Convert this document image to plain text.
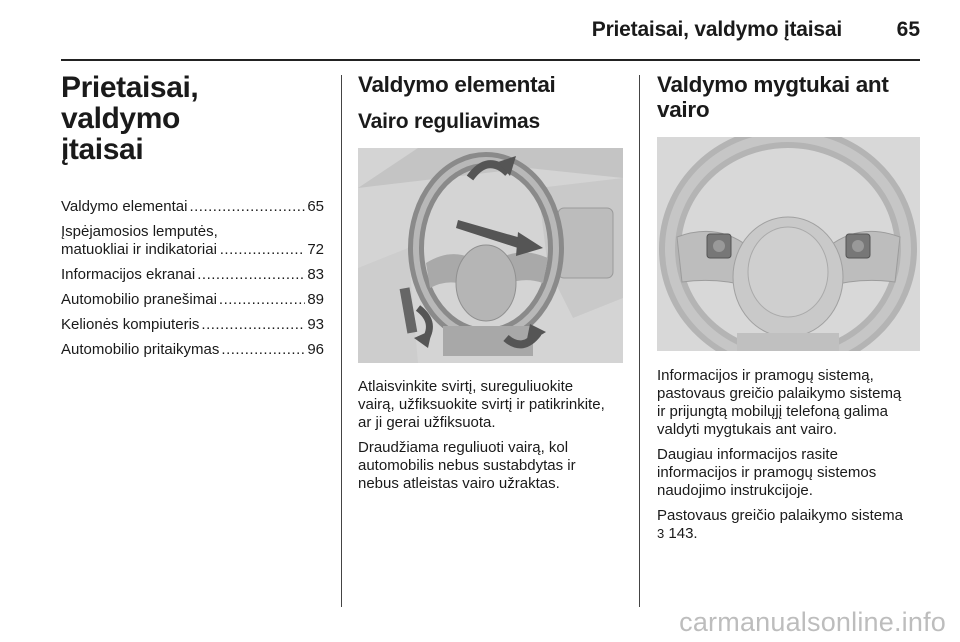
Prietaisai, valdymo įtaisai	65
Prietaisai, valdymo
įtaisai
Valdymo elementai .....	65
Įspėjamosios lemputės,
matuokliai ir indikatoriai .....	72
Informacijos ekranai .....	83
Automobilio pranešimai .....	89
Kelionės kompiuteris .....	93
Automobilio pritaikymas .....	96
Valdymo elementai
Vairo reguliavimas

Atlaisvinkite svirtį, sureguliuokite
vairą, užfiksuokite svirtį ir patikrinkite,
ar ji gerai užfiksuota.

Draudžiama reguliuoti vairą, kol
automobilis nebus sustabdytas ir
nebus atleistas vairo užraktas.

Valdymo mygtukai ant
vairo

Informacijos ir pramogų sistemą,
pastovaus greičio palaikymo sistemą
ir prijungtą mobilųjį telefoną galima
valdyti mygtukais ant vairo.

Daugiau informacijos rasite
informacijos ir pramogų sistemos
naudojimo instrukcijoje.

Pastovaus greičio palaikymo sistema
3 143.

carmanualsonline.info
